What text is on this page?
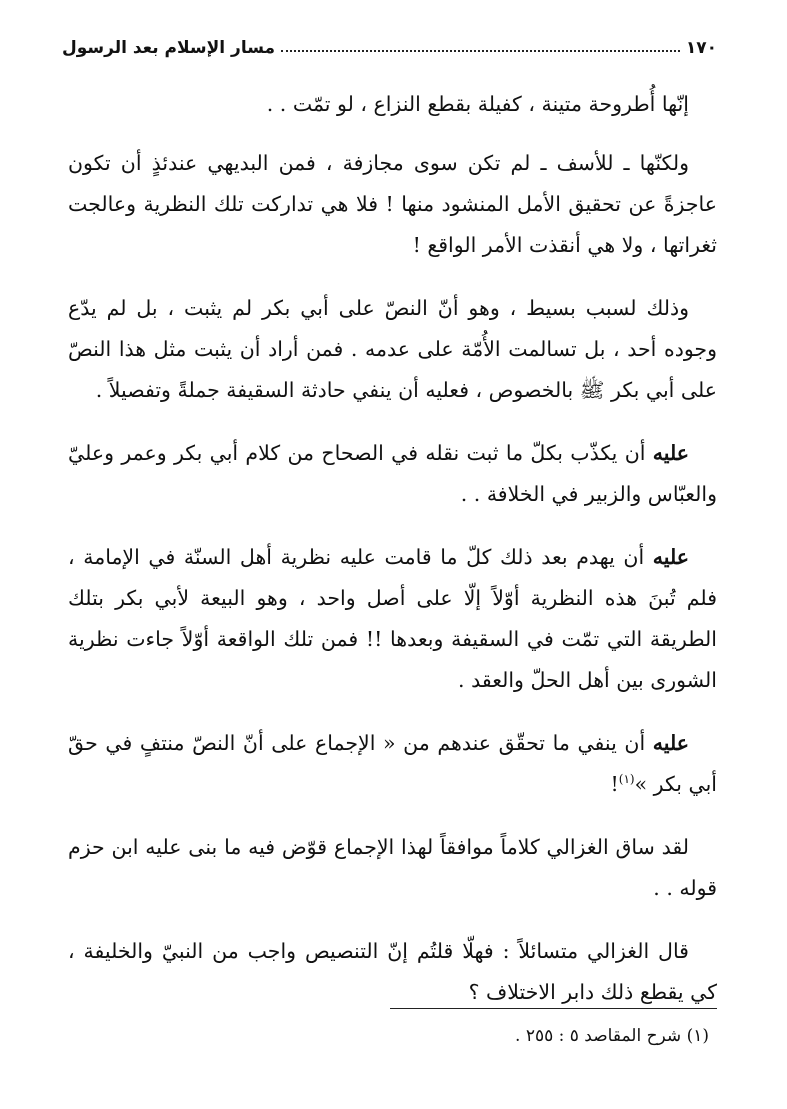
١٧٠
مسار الإسلام بعد الرسول

إنّها أُطروحة متينة ، كفيلة بقطع النزاع ، لو تمّت . .

ولكنّها ـ للأسف ـ لم تكن سوى مجازفة ، فمن البديهي عندئذٍ أن تكون عاجزةً عن تحقيق الأمل المنشود منها ! فلا هي تداركت تلك النظرية وعالجت ثغراتها ، ولا هي أنقذت الأمر الواقع !

وذلك لسبب بسيط ، وهو أنّ النصّ على أبي بكر لم يثبت ، بل لم يدّع وجوده أحد ، بل تسالمت الأُمّة على عدمه . فمن أراد أن يثبت مثل هذا النصّ على أبي بكر ﷺ بالخصوص ، فعليه أن ينفي حادثة السقيفة جملةً وتفصيلاً .

عليه أن يكذّب بكلّ ما ثبت نقله في الصحاح من كلام أبي بكر وعمر وعليّ والعبّاس والزبير في الخلافة . .

عليه أن يهدم بعد ذلك كلّ ما قامت عليه نظرية أهل السنّة في الإمامة ، فلم تُبنَ هذه النظرية أوّلاً إلّا على أصل واحد ، وهو البيعة لأبي بكر بتلك الطريقة التي تمّت في السقيفة وبعدها !! فمن تلك الواقعة أوّلاً جاءت نظرية الشورى بين أهل الحلّ والعقد .

عليه أن ينفي ما تحقّق عندهم من « الإجماع على أنّ النصّ منتفٍ في حقّ أبي بكر »$^{(١)}$!

لقد ساق الغزالي كلاماً موافقاً لهذا الإجماع قوّض فيه ما بنى عليه ابن حزم قوله . .

قال الغزالي متسائلاً : فهلّا قلتُم إنّ التنصيص واجب من النبيّ والخليفة ، كي يقطع ذلك دابر الاختلاف ؟

(١) شرح المقاصد ٥ : ٢٥٥ .
